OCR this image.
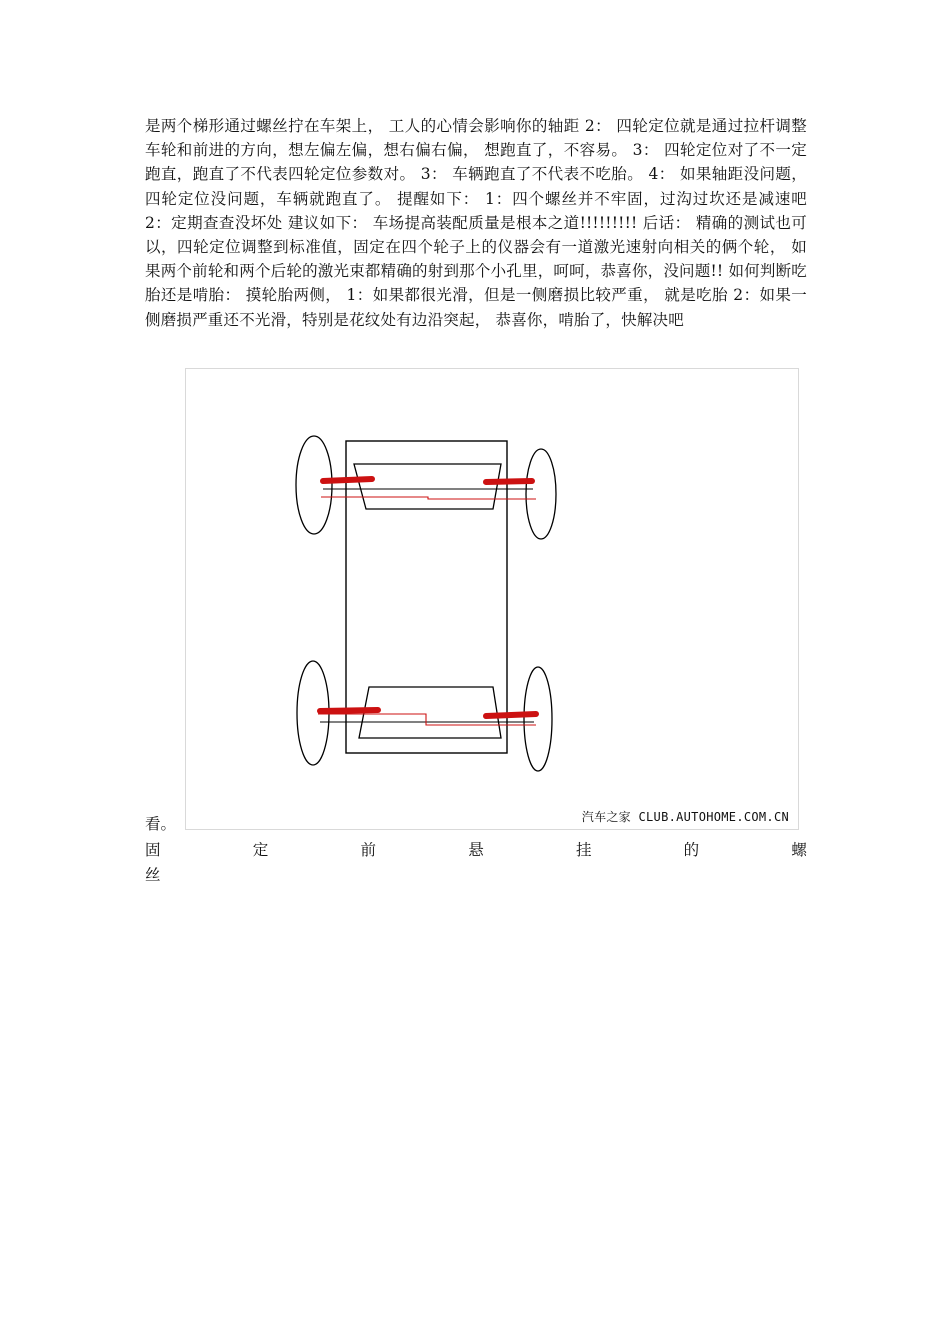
是两个梯形通过螺丝拧在车架上， 工人的心情会影响你的轴距 2： 四轮定位就是通过拉杆调整车轮和前进的方向，想左偏左偏，想右偏右偏， 想跑直了，不容易。 3： 四轮定位对了不一定跑直，跑直了不代表四轮定位参数对。 3： 车辆跑直了不代表不吃胎。 4： 如果轴距没问题， 四轮定位没问题，车辆就跑直了。 提醒如下： 1：四个螺丝并不牢固，过沟过坎还是减速吧 2：定期查查没坏处 建议如下： 车场提高装配质量是根本之道!!!!!!!!! 后话： 精确的测试也可以，四轮定位调整到标准值，固定在四个轮子上的仪器会有一道激光速射向相关的俩个轮， 如果两个前轮和两个后轮的激光束都精确的射到那个小孔里，呵呵，恭喜你，没问题!! 如何判断吃胎还是啃胎： 摸轮胎两侧， 1：如果都很光滑，但是一侧磨损比较严重， 就是吃胎 2：如果一侧磨损严重还不光滑，特别是花纹处有边沿突起， 恭喜你，啃胎了，快解决吧

看。	汽车之家 CLUB.AUTOHOME.COM.CN
固	定	前	悬	挂	的	螺
丝
